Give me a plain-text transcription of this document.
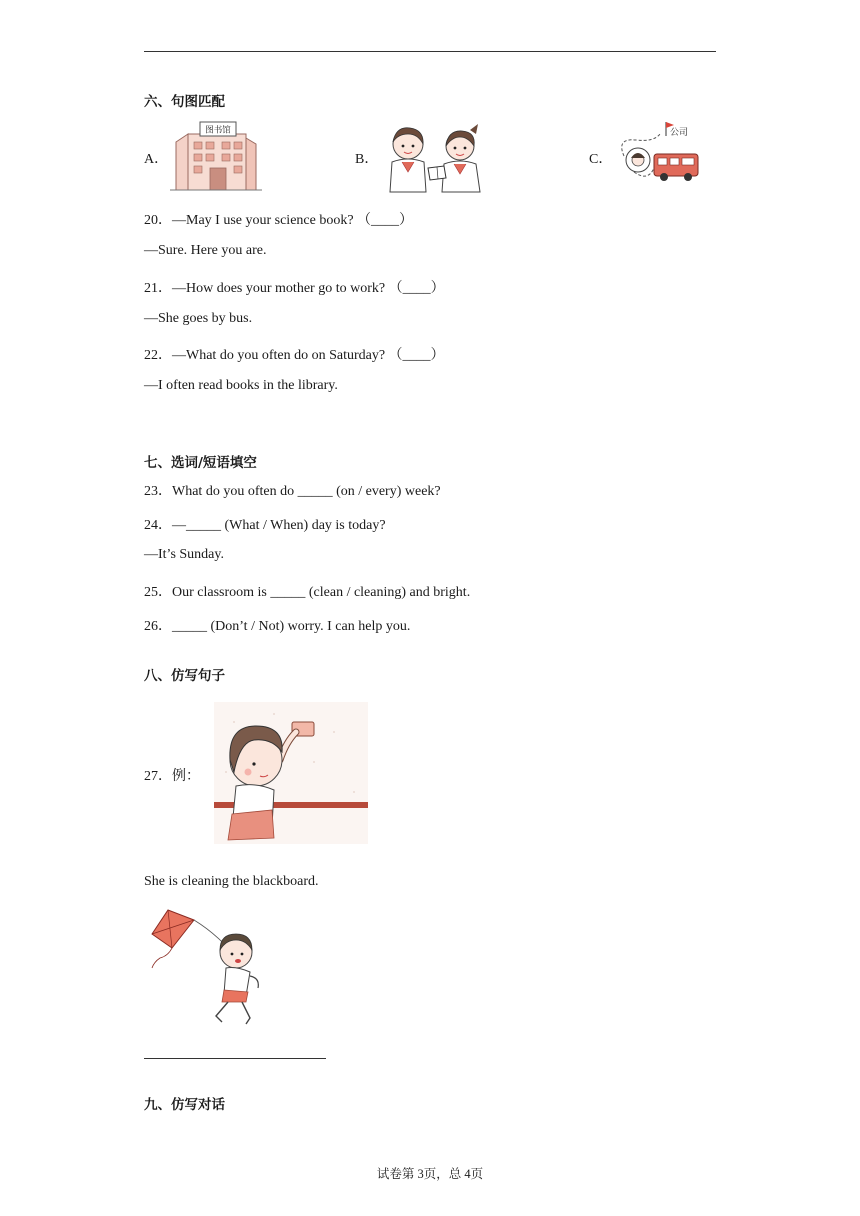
六、句图匹配
A．
图书馆
B．	C．
公司
20．—May I use your science book? （____）
—Sure. Here you are.
21．—How does your mother go to work? （____）
—She goes by bus.
22．—What do you often do on Saturday? （____）
—I often read books in the library.
七、选词/短语填空
23．What do you often do _____ (on / every) week?
24．—_____ (What / When) day is today?
—It’s Sunday.
25．Our classroom is _____ (clean / cleaning) and bright.
26．_____ (Don’t / Not) worry. I can help you.
八、仿写句子
27．例：
She is cleaning the blackboard.
九、仿写对话
试卷第 3页，总 4页
